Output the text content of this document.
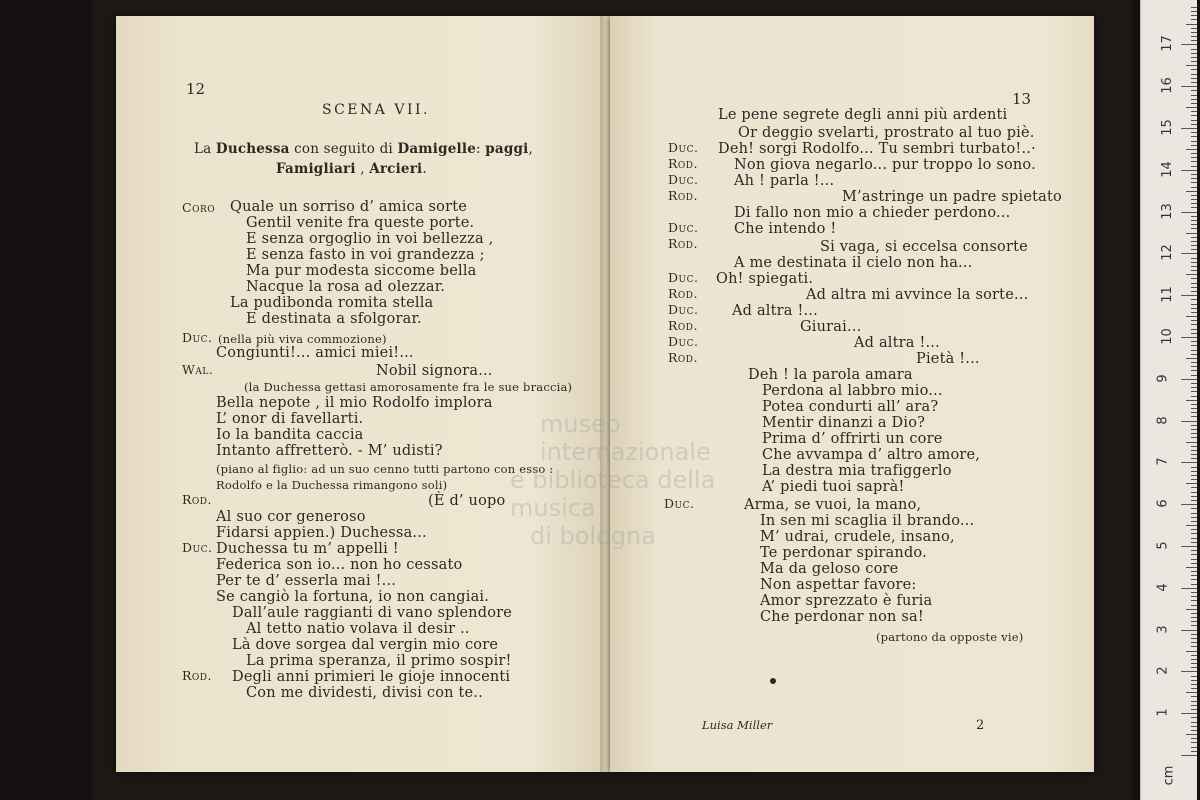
12
SCENA VII.
La Duchessa con seguito di Damigelle: paggi,
Famigliari , Arcieri.
Coro
Duc.
Wal.
Rod.
Duc.
Rod.
Quale un sorriso d’ amica sorte
Gentil venite fra queste porte.
E senza orgoglio in voi bellezza ,
E senza fasto in voi grandezza ;
Ma pur modesta siccome bella
Nacque la rosa ad olezzar.
La pudibonda romita stella
E destinata a sfolgorar.
(nella più viva commozione)
Congiunti!... amici miei!...
Nobil signora...
(la Duchessa gettasi amorosamente fra le sue braccia)
Bella nepote , il mio Rodolfo implora
L’ onor di favellarti.
Io la bandita caccia
Intanto affretterò. - M’ udisti?
(piano al figlio: ad un suo cenno tutti partono con esso :
Rodolfo e la Duchessa rimangono soli)
(È d’ uopo
Al suo cor generoso
Fidarsi appien.) Duchessa...
Duchessa tu m’ appelli !
Federica son io... non ho cessato
Per te d’ esserla mai !...
Se cangiò la fortuna, io non cangiai.
Dall’aule raggianti di vano splendore
Al tetto natio volava il desir ..
Là dove sorgea dal vergin mio core
La prima speranza, il primo sospir!
Degli anni primieri le gioje innocenti
Con me dividesti, divisi con te..
13
Duc.
Rod.
Duc.
Rod.
Duc.
Rod.
Duc.
Rod.
Duc.
Rod.
Duc.
Rod.
Duc.
Le pene segrete degli anni più ardenti
Or deggio svelarti, prostrato al tuo piè.
Deh! sorgi Rodolfo... Tu sembri turbato!..·
Non giova negarlo... pur troppo lo sono.
Ah ! parla !...
M’astringe un padre spietato
Di fallo non mio a chieder perdono...
Che intendo !
Si vaga, si eccelsa consorte
A me destinata il cielo non ha...
Oh! spiegati.
Ad altra mi avvince la sorte...
Ad altra !...
Giurai...
Ad altra !...
Pietà !...
Deh ! la parola amara
Perdona al labbro mio...
Potea condurti all’ ara?
Mentir dinanzi a Dio?
Prima d’ offrirti un core
Che avvampa d’ altro amore,
La destra mia trafiggerlo
A’ piedi tuoi saprà!
Arma, se vuoi, la mano,
In sen mi scaglia il brando...
M’ udrai, crudele, insano,
Te perdonar spirando.
Ma da geloso core
Non aspettar favore:
Amor sprezzato è furia
Che perdonar non sa!
(partono da opposte vie)
Luisa Miller	2
museo internazionale
e biblioteca della musica
di bologna
cm
1
2
3
4
5
6
7
8
9
10
11
12
13
14
15
16
17
